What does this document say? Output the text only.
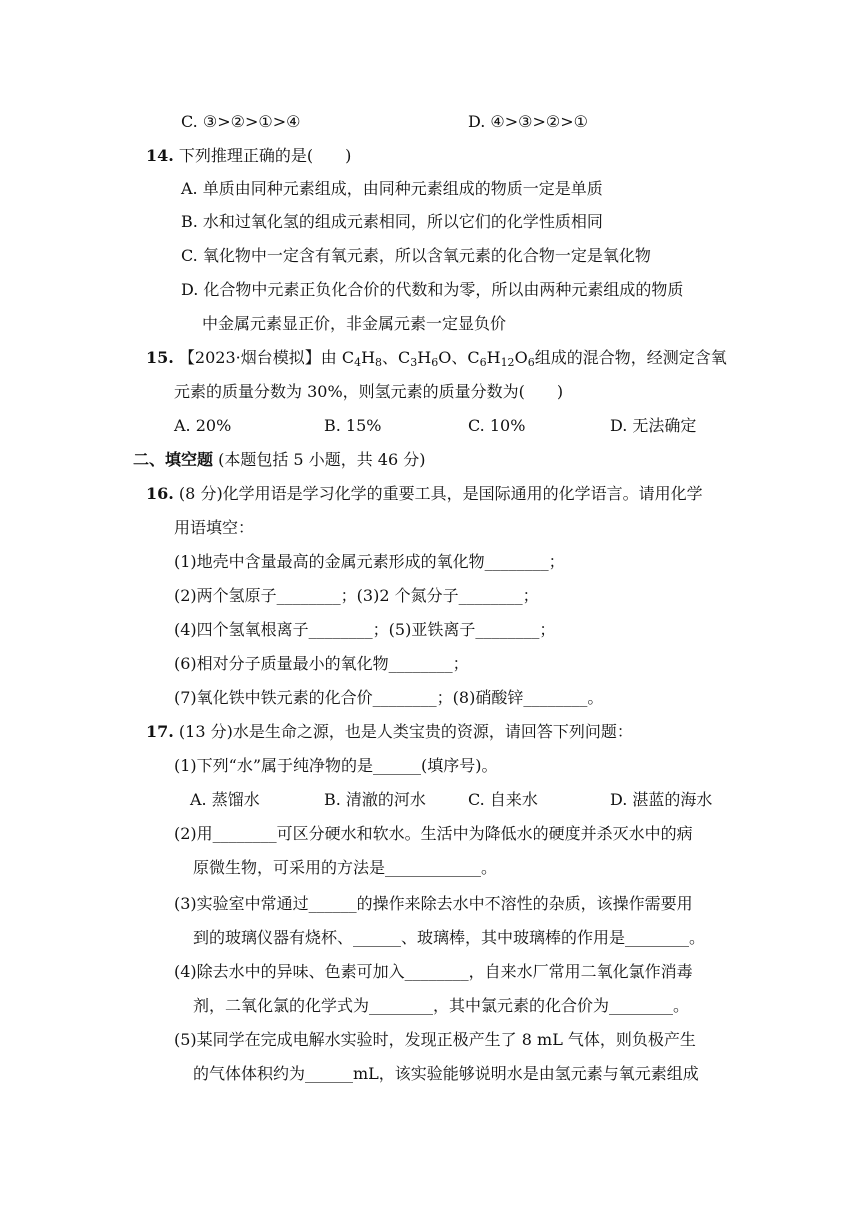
C. ③>②>①>④	D. ④>③>②>①
14. 下列推理正确的是(　　)
A. 单质由同种元素组成，由同种元素组成的物质一定是单质
B. 水和过氧化氢的组成元素相同，所以它们的化学性质相同
C. 氧化物中一定含有氧元素，所以含氧元素的化合物一定是氧化物
D. 化合物中元素正负化合价的代数和为零，所以由两种元素组成的物质
中金属元素显正价，非金属元素一定显负价
15. 【2023·烟台模拟】由 $C_4H_8$、$C_3H_6O$、$C_6H_{12}O_6$组成的混合物，经测定含氧
元素的质量分数为 30%，则氢元素的质量分数为(　　)
A. 20%	B. 15%	C. 10%	D. 无法确定
二、填空题 (本题包括 5 小题，共 46 分)
16. (8 分)化学用语是学习化学的重要工具，是国际通用的化学语言。请用化学
用语填空：
(1)地壳中含量最高的金属元素形成的氧化物________；
(2)两个氢原子________；(3)2 个氮分子________；
(4)四个氢氧根离子________；(5)亚铁离子________；
(6)相对分子质量最小的氧化物________；
(7)氧化铁中铁元素的化合价________；(8)硝酸锌________。
17. (13 分)水是生命之源，也是人类宝贵的资源，请回答下列问题：
(1)下列“水”属于纯净物的是______(填序号)。
A. 蒸馏水	B. 清澈的河水	C. 自来水	D. 湛蓝的海水
(2)用________可区分硬水和软水。生活中为降低水的硬度并杀灭水中的病
原微生物，可采用的方法是____________。
(3)实验室中常通过______的操作来除去水中不溶性的杂质，该操作需要用
到的玻璃仪器有烧杯、______、玻璃棒，其中玻璃棒的作用是________。
(4)除去水中的异味、色素可加入________，自来水厂常用二氧化氯作消毒
剂，二氧化氯的化学式为________，其中氯元素的化合价为________。
(5)某同学在完成电解水实验时，发现正极产生了 8 mL 气体，则负极产生
的气体体积约为______mL，该实验能够说明水是由氢元素与氧元素组成
